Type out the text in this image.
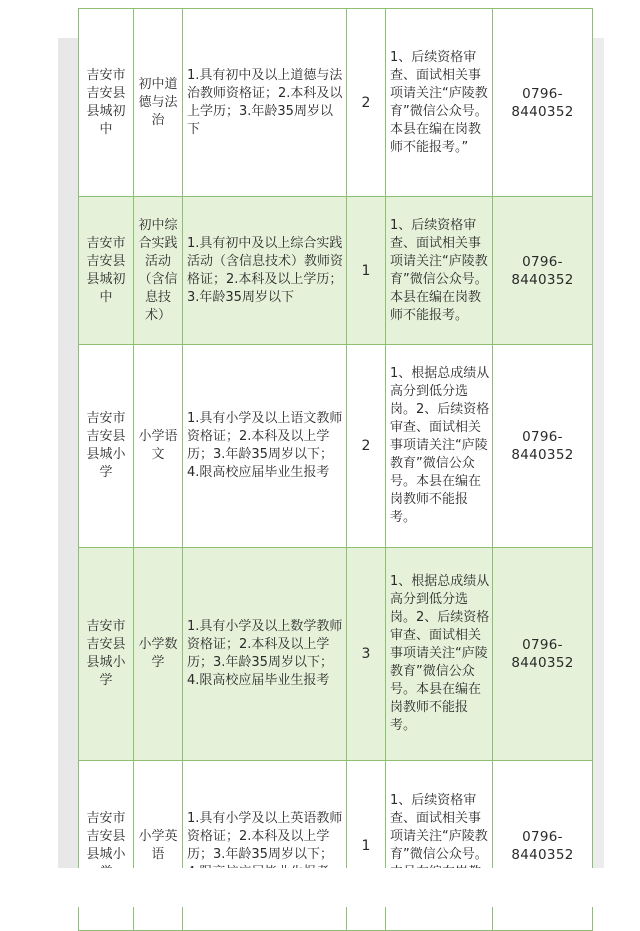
吉安市吉安县县城初中	初中道德与法治	1.具有初中及以上道德与法治教师资格证；2.本科及以上学历；3.年龄35周岁以下	2	1、后续资格审查、面试相关事项请关注“庐陵教育”微信公众号。本县在编在岗教师不能报考。”	0796-8440352
吉安市吉安县县城初中	初中综合实践活动（含信息技术）	1.具有初中及以上综合实践活动（含信息技术）教师资格证；2.本科及以上学历；3.年龄35周岁以下	1	1、后续资格审查、面试相关事项请关注“庐陵教育”微信公众号。本县在编在岗教师不能报考。	0796-8440352
吉安市吉安县县城小学	小学语文	1.具有小学及以上语文教师资格证；2.本科及以上学历；3.年龄35周岁以下；4.限高校应届毕业生报考	2	1、根据总成绩从高分到低分选岗。2、后续资格审查、面试相关事项请关注“庐陵教育”微信公众号。本县在编在岗教师不能报考。	0796-8440352
吉安市吉安县县城小学	小学数学	1.具有小学及以上数学教师资格证；2.本科及以上学历；3.年龄35周岁以下；4.限高校应届毕业生报考	3	1、根据总成绩从高分到低分选岗。2、后续资格审查、面试相关事项请关注“庐陵教育”微信公众号。本县在编在岗教师不能报考。	0796-8440352
吉安市吉安县县城小	小学英语	1.具有小学及以上英语教师资格证；2.本科及以上学历；3.年龄35周岁以下；	1	1、后续资格审查、面试相关事项请关注“庐陵教育”微信公众号。	0796-8440352
